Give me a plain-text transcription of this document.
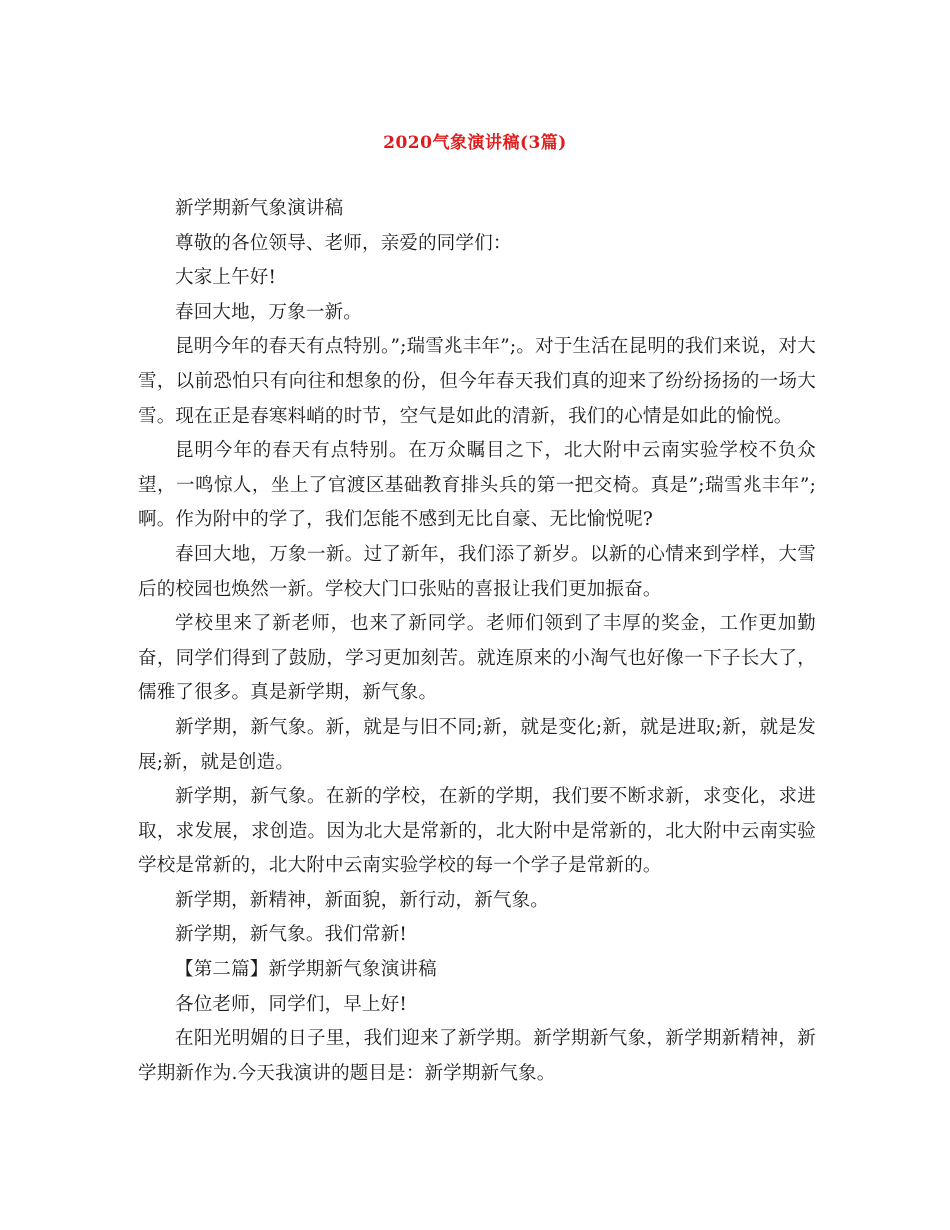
2020气象演讲稿(3篇)

新学期新气象演讲稿

尊敬的各位领导、老师，亲爱的同学们：

大家上午好!

春回大地，万象一新。

昆明今年的春天有点特别。”;瑞雪兆丰年”;。对于生活在昆明的我们来说，对大雪，以前恐怕只有向往和想象的份，但今年春天我们真的迎来了纷纷扬扬的一场大雪。现在正是春寒料峭的时节，空气是如此的清新，我们的心情是如此的愉悦。

昆明今年的春天有点特别。在万众瞩目之下，北大附中云南实验学校不负众望，一鸣惊人，坐上了官渡区基础教育排头兵的第一把交椅。真是”;瑞雪兆丰年”;啊。作为附中的学了，我们怎能不感到无比自豪、无比愉悦呢?

春回大地，万象一新。过了新年，我们添了新岁。以新的心情来到学样，大雪后的校园也焕然一新。学校大门口张贴的喜报让我们更加振奋。

学校里来了新老师，也来了新同学。老师们领到了丰厚的奖金，工作更加勤奋，同学们得到了鼓励，学习更加刻苦。就连原来的小淘气也好像一下子长大了，儒雅了很多。真是新学期，新气象。

新学期，新气象。新，就是与旧不同;新，就是变化;新，就是进取;新，就是发展;新，就是创造。

新学期，新气象。在新的学校，在新的学期，我们要不断求新，求变化，求进取，求发展，求创造。因为北大是常新的，北大附中是常新的，北大附中云南实验学校是常新的，北大附中云南实验学校的每一个学子是常新的。

新学期，新精神，新面貌，新行动，新气象。

新学期，新气象。我们常新!

【第二篇】新学期新气象演讲稿

各位老师，同学们，早上好!

在阳光明媚的日子里，我们迎来了新学期。新学期新气象，新学期新精神，新学期新作为.今天我演讲的题目是：新学期新气象。
